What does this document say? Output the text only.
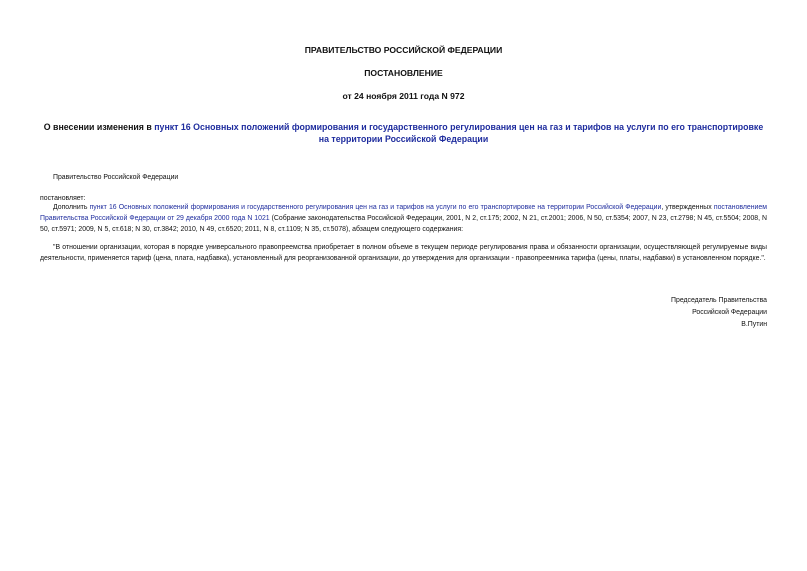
ПРАВИТЕЛЬСТВО РОССИЙСКОЙ ФЕДЕРАЦИИ
ПОСТАНОВЛЕНИЕ
от 24 ноября 2011 года N 972
О внесении изменения в пункт 16 Основных положений формирования и государственного регулирования цен на газ и тарифов на услуги по его транспортировке на территории Российской Федерации
Правительство Российской Федерации
постановляет:
Дополнить пункт 16 Основных положений формирования и государственного регулирования цен на газ и тарифов на услуги по его транспортировке на территории Российской Федерации, утвержденных постановлением Правительства Российской Федерации от 29 декабря 2000 года N 1021 (Собрание законодательства Российской Федерации, 2001, N 2, ст.175; 2002, N 21, ст.2001; 2006, N 50, ст.5354; 2007, N 23, ст.2798; N 45, ст.5504; 2008, N 50, ст.5971; 2009, N 5, ст.618; N 30, ст.3842; 2010, N 49, ст.6520; 2011, N 8, ст.1109; N 35, ст.5078), абзацем следующего содержания:
"В отношении организации, которая в порядке универсального правопреемства приобретает в полном объеме в текущем периоде регулирования права и обязанности организации, осуществляющей регулируемые виды деятельности, применяется тариф (цена, плата, надбавка), установленный для реорганизованной организации, до утверждения для организации - правопреемника тарифа (цены, платы, надбавки) в установленном порядке.".
Председатель Правительства
Российской Федерации
В.Путин
